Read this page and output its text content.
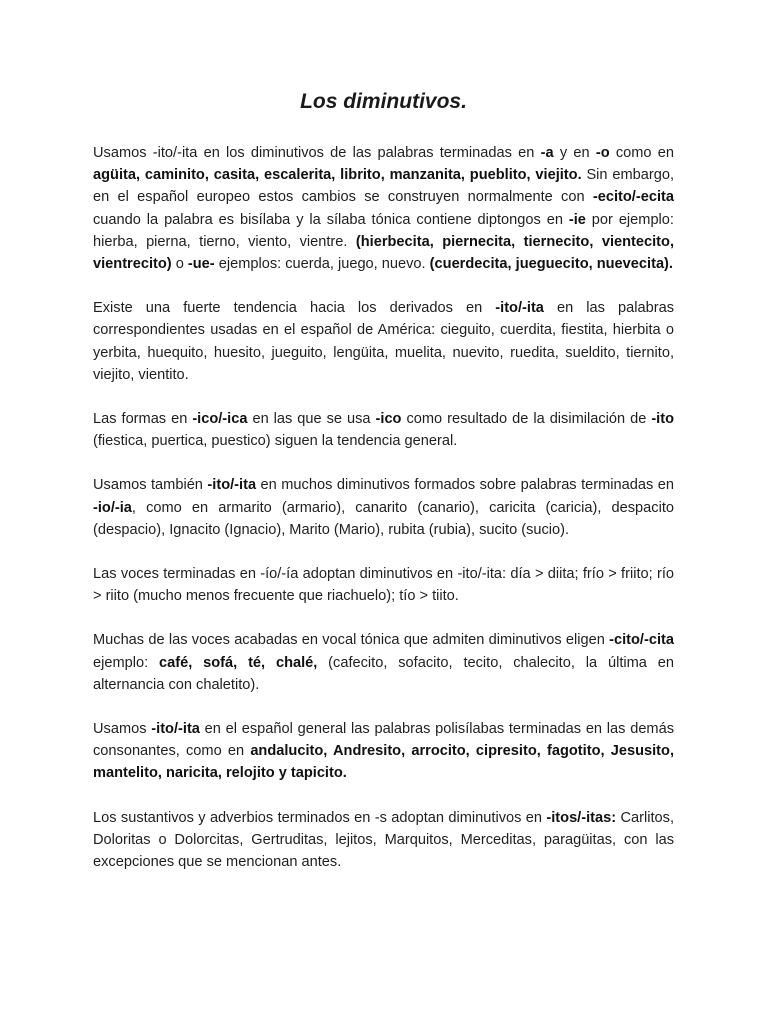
Los diminutivos.

Usamos -ito/-ita en los diminutivos de las palabras terminadas en -a y en -o como en agüita, caminito, casita, escalerita, librito, manzanita, pueblito, viejito. Sin embargo, en el español europeo estos cambios se construyen normalmente con -ecito/-ecita cuando la palabra es bisílaba y la sílaba tónica contiene diptongos en -ie por ejemplo: hierba, pierna, tierno, viento, vientre. (hierbecita, piernecita, tiernecito, vientecito, vientrecito) o -ue- ejemplos: cuerda, juego, nuevo. (cuerdecita, jueguecito, nuevecita).

Existe una fuerte tendencia hacia los derivados en -ito/-ita en las palabras correspondientes usadas en el español de América: cieguito, cuerdita, fiestita, hierbita o yerbita, huequito, huesito, jueguito, lengüita, muelita, nuevito, ruedita, sueldito, tiernito, viejito, vientito.

Las formas en -ico/-ica en las que se usa -ico como resultado de la disimilación de -ito (fiestica, puertica, puestico) siguen la tendencia general.

Usamos también -ito/-ita en muchos diminutivos formados sobre palabras terminadas en -io/-ia, como en armarito (armario), canarito (canario), caricita (caricia), despacito (despacio), Ignacito (Ignacio), Marito (Mario), rubita (rubia), sucito (sucio).

Las voces terminadas en -ío/-ía adoptan diminutivos en -ito/-ita: día > diita; frío > friito; río > riito (mucho menos frecuente que riachuelo); tío > tiito.

Muchas de las voces acabadas en vocal tónica que admiten diminutivos eligen -cito/-cita ejemplo: café, sofá, té, chalé, (cafecito, sofacito, tecito, chalecito, la última en alternancia con chaletito).

Usamos -ito/-ita en el español general las palabras polisílabas terminadas en las demás consonantes, como en andalucito, Andresito, arrocito, cipresito, fagotito, Jesusito, mantelito, naricita, relojito y tapicito.

Los sustantivos y adverbios terminados en -s adoptan diminutivos en -itos/-itas: Carlitos, Doloritas o Dolorcitas, Gertruditas, lejitos, Marquitos, Merceditas, paragüitas, con las excepciones que se mencionan antes.
